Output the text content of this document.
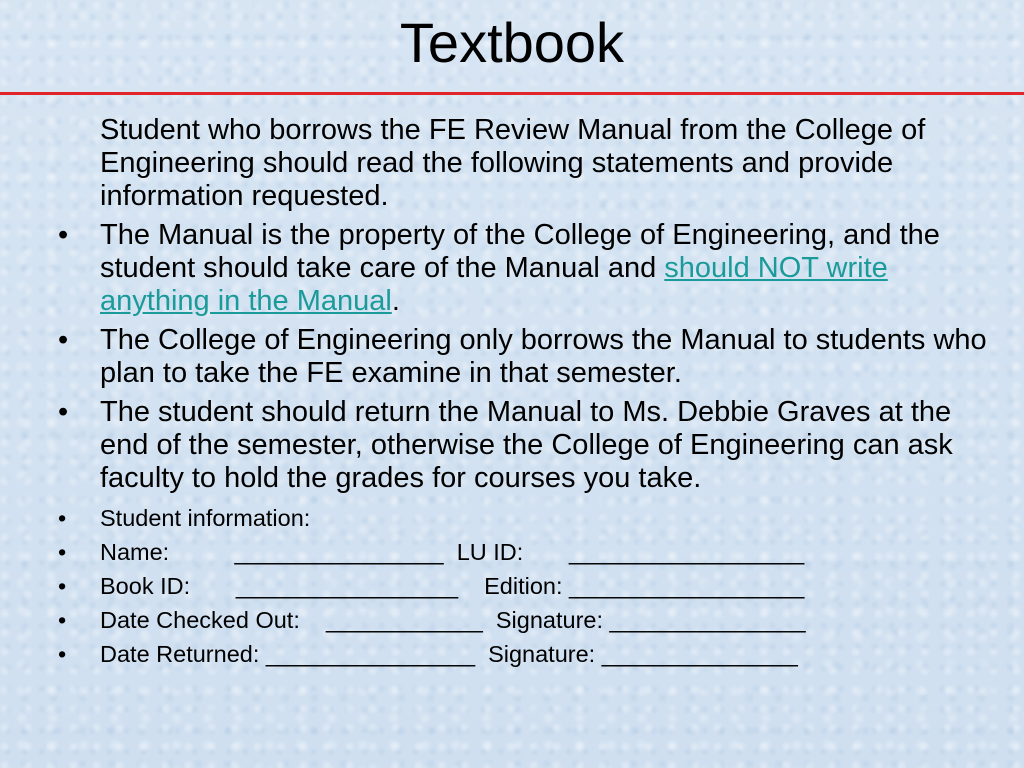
Textbook

Student who borrows the FE Review Manual from the College of Engineering should read the following statements and provide information requested.

•	The Manual is the property of the College of Engineering, and the student should take care of the Manual and should NOT write anything in the Manual.

•	The College of Engineering only borrows the Manual to students who plan to take the FE examine in that semester.

•	The student should return the Manual to Ms. Debbie Graves at the end of the semester, otherwise the College of Engineering can ask faculty to hold the grades for courses you take.

•	Student information:

•	Name:          ________________  LU ID:       __________________

•	Book ID:       _________________    Edition: __________________

•	Date Checked Out:    ____________  Signature: _______________

•	Date Returned: ________________  Signature: _______________
